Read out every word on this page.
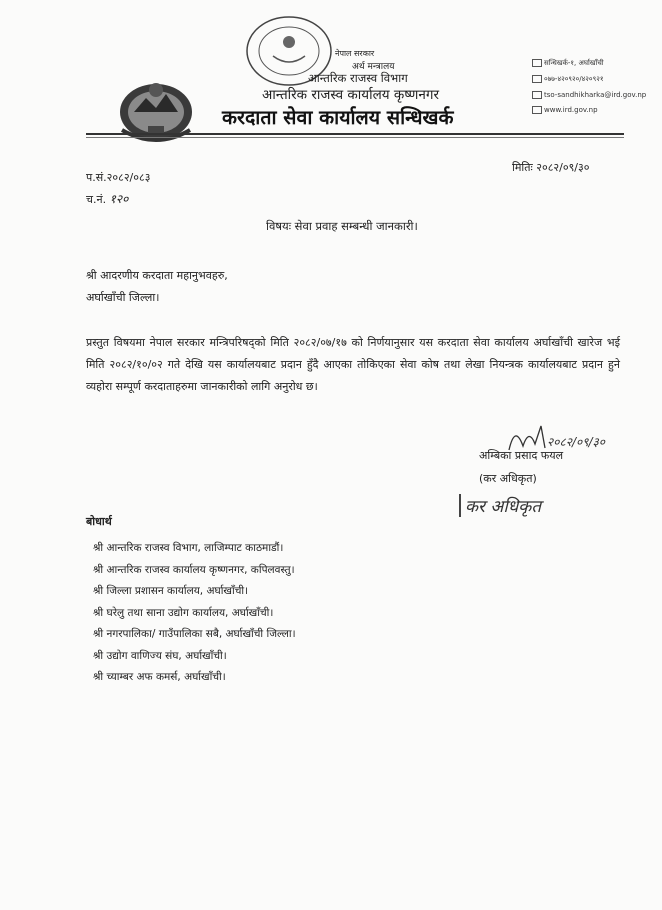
नेपाल सरकार
अर्थ मन्त्रालय
आन्तरिक राजस्व विभाग
आन्तरिक राजस्व कार्यालय कृष्णनगर
करदाता सेवा कार्यालय सन्धिखर्क
सन्धिखर्क-१, अर्घाखाँची
०७७-४२०९२०/४२०९२१
tso-sandhikharka@ird.gov.np
www.ird.gov.np
प.सं.२०८२/०८३
च.नं. १२०
मितिः २०८२/०९/३०
विषयः सेवा प्रवाह सम्बन्धी जानकारी।
श्री आदरणीय करदाता महानुभवहरु,
अर्घाखाँची जिल्ला।
प्रस्तुत विषयमा नेपाल सरकार मन्त्रिपरिषद्को मिति २०८२/०७/१७ को निर्णयानुसार यस करदाता सेवा कार्यालय अर्घाखाँची खारेज भई मिति २०८२/१०/०२ गते देखि यस कार्यालयबाट प्रदान हुँदै आएका तोकिएका सेवा कोष तथा लेखा नियन्त्रक कार्यालयबाट प्रदान हुने व्यहोरा सम्पूर्ण करदाताहरुमा जानकारीको लागि अनुरोध छ।
२०८२/०९/३०
अम्बिका प्रसाद फयल
(कर अधिकृत)
कर अधिकृत
बोधार्थ
श्री आन्तरिक राजस्व विभाग, लाजिम्पाट काठमाडौं।
श्री आन्तरिक राजस्व कार्यालय कृष्णनगर, कपिलवस्तु।
श्री जिल्ला प्रशासन कार्यालय, अर्घाखाँची।
श्री घरेलु तथा साना उद्योग कार्यालय, अर्घाखाँची।
श्री नगरपालिका/ गाउँपालिका सबै, अर्घाखाँची जिल्ला।
श्री उद्योग वाणिज्य संघ, अर्घाखाँची।
श्री च्याम्बर अफ कमर्स, अर्घाखाँची।
